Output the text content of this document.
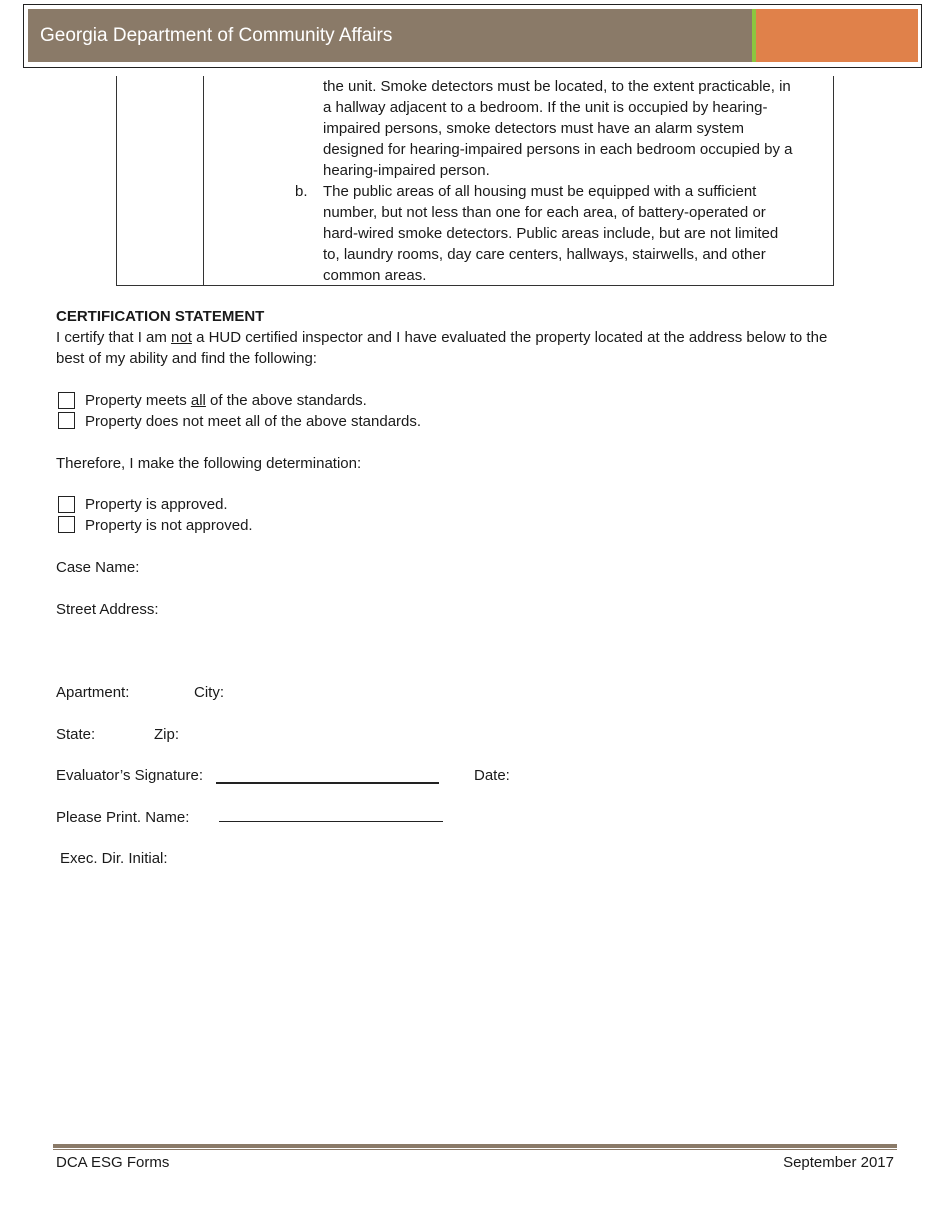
Georgia Department of Community Affairs
the unit. Smoke detectors must be located, to the extent practicable, in
a hallway adjacent to a bedroom. If the unit is occupied by hearing-
impaired persons, smoke detectors must have an alarm system
designed for hearing-impaired persons in each bedroom occupied by a
hearing-impaired person.
b. The public areas of all housing must be equipped with a sufficient
number, but not less than one for each area, of battery-operated or
hard-wired smoke detectors. Public areas include, but are not limited
to, laundry rooms, day care centers, hallways, stairwells, and other
common areas.
CERTIFICATION STATEMENT
I certify that I am not a HUD certified inspector and I have evaluated the property located at the address below to the
best of my ability and find the following:
Property meets all of the above standards.
Property does not meet all of the above standards.
Therefore, I make the following determination:
Property is approved.
Property is not approved.
Case Name:
Street Address:
Apartment:	City:
State:	Zip:
Evaluator’s Signature:	Date:
Please Print. Name:
Exec. Dir. Initial:
DCA ESG Forms	September 2017
